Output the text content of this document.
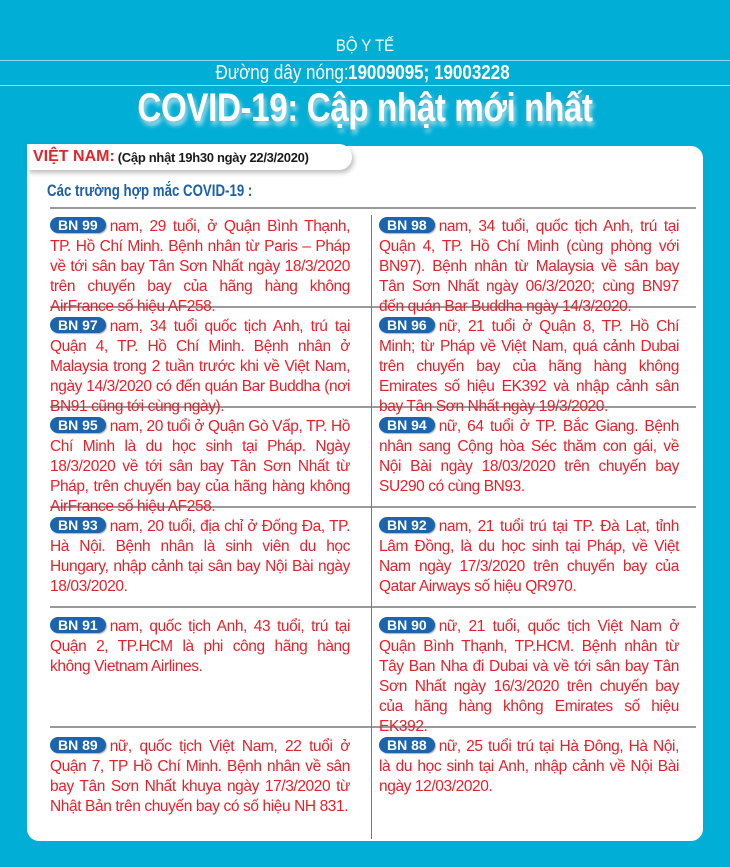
BỘ Y TẾ
Đường dây nóng:19009095; 19003228
COVID-19: Cập nhật mới nhất
VIỆT NAM: (Cập nhật 19h30 ngày 22/3/2020)
Các trường hợp mắc COVID-19 :
BN 99 nam, 29 tuổi, ở Quận Bình Thạnh, TP. Hồ Chí Minh. Bệnh nhân từ Paris – Pháp về tới sân bay Tân Sơn Nhất ngày 18/3/2020 trên chuyến bay của hãng hàng không AirFrance số hiệu AF258.
BN 98 nam, 34 tuổi, quốc tịch Anh, trú tại Quận 4, TP. Hồ Chí Minh (cùng phòng với BN97). Bệnh nhân từ Malaysia về sân bay Tân Sơn Nhất ngày 06/3/2020; cùng BN97 đến quán Bar Buddha ngày 14/3/2020.
BN 97 nam, 34 tuổi quốc tịch Anh, trú tại Quận 4, TP. Hồ Chí Minh. Bệnh nhân ở Malaysia trong 2 tuần trước khi về Việt Nam, ngày 14/3/2020 có đến quán Bar Buddha (nơi BN91 cũng tới cùng ngày).
BN 96 nữ, 21 tuổi ở Quận 8, TP. Hồ Chí Minh; từ Pháp về Việt Nam, quá cảnh Dubai trên chuyến bay của hãng hàng không Emirates số hiệu EK392 và nhập cảnh sân bay Tân Sơn Nhất ngày 19/3/2020.
BN 95 nam, 20 tuổi ở Quận Gò Vấp, TP. Hồ Chí Minh là du học sinh tại Pháp. Ngày 18/3/2020 về tới sân bay Tân Sơn Nhất từ Pháp, trên chuyến bay của hãng hàng không AirFrance số hiệu AF258.
BN 94 nữ, 64 tuổi ở TP. Bắc Giang. Bệnh nhân sang Cộng hòa Séc thăm con gái, về Nội Bài ngày 18/03/2020 trên chuyến bay SU290 có cùng BN93.
BN 93 nam, 20 tuổi, địa chỉ ở Đống Đa, TP. Hà Nội. Bệnh nhân là sinh viên du học Hungary, nhập cảnh tại sân bay Nội Bài ngày 18/03/2020.
BN 92 nam, 21 tuổi trú tại TP. Đà Lạt, tỉnh Lâm Đồng, là du học sinh tại Pháp, về Việt Nam ngày 17/3/2020 trên chuyến bay của Qatar Airways số hiệu QR970.
BN 91 nam, quốc tịch Anh, 43 tuổi, trú tại Quận 2, TP.HCM là phi công hãng hàng không Vietnam Airlines.
BN 90 nữ, 21 tuổi, quốc tịch Việt Nam ở Quận Bình Thạnh, TP.HCM. Bệnh nhân từ Tây Ban Nha đi Dubai và về tới sân bay Tân Sơn Nhất ngày 16/3/2020 trên chuyến bay của hãng hàng không Emirates số hiệu EK392.
BN 89 nữ, quốc tịch Việt Nam, 22 tuổi ở Quận 7, TP Hồ Chí Minh. Bệnh nhân về sân bay Tân Sơn Nhất khuya ngày 17/3/2020 từ Nhật Bản trên chuyến bay có số hiệu NH 831.
BN 88 nữ, 25 tuổi trú tại Hà Đông, Hà Nội, là du học sinh tại Anh, nhập cảnh về Nội Bài ngày 12/03/2020.
